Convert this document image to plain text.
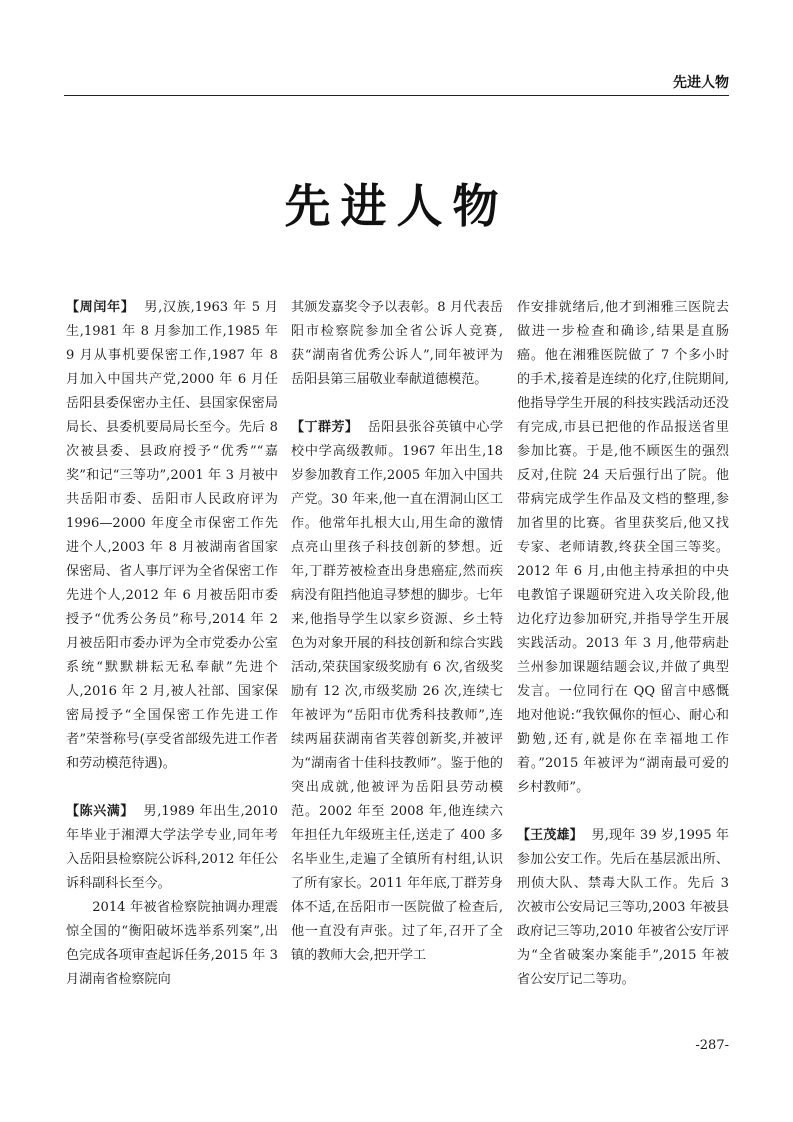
先进人物
先进人物

【周闰年】 男,汉族,1963 年 5 月生,1981 年 8 月参加工作,1985 年 9 月从事机要保密工作,1987 年 8 月加入中国共产党,2000 年 6 月任岳阳县委保密办主任、县国家保密局局长、县委机要局局长至今。先后 8 次被县委、县政府授予“优秀”“嘉奖”和记“三等功”,2001 年 3 月被中共岳阳市委、岳阳市人民政府评为 1996—2000 年度全市保密工作先进个人,2003 年 8 月被湖南省国家保密局、省人事厅评为全省保密工作先进个人,2012 年 6 月被岳阳市委授予“优秀公务员”称号,2014 年 2 月被岳阳市委办评为全市党委办公室系统“默默耕耘无私奉献”先进个人,2016 年 2 月,被人社部、国家保密局授予“全国保密工作先进工作者”荣誉称号(享受省部级先进工作者和劳动模范待遇)。

【陈兴满】 男,1989 年出生,2010 年毕业于湘潭大学法学专业,同年考入岳阳县检察院公诉科,2012 年任公诉科副科长至今。

2014 年被省检察院抽调办理震惊全国的“衡阳破坏选举系列案”,出色完成各项审查起诉任务,2015 年 3 月湖南省检察院向

其颁发嘉奖令予以表彰。8 月代表岳阳市检察院参加全省公诉人竞赛,获“湖南省优秀公诉人”,同年被评为岳阳县第三届敬业奉献道德模范。

【丁群芳】 岳阳县张谷英镇中心学校中学高级教师。1967 年出生,18 岁参加教育工作,2005 年加入中国共产党。30 年来,他一直在渭洞山区工作。他常年扎根大山,用生命的激情点亮山里孩子科技创新的梦想。近年,丁群芳被检查出身患癌症,然而疾病没有阻挡他追寻梦想的脚步。七年来,他指导学生以家乡资源、乡土特色为对象开展的科技创新和综合实践活动,荣获国家级奖励有 6 次,省级奖励有 12 次,市级奖励 26 次,连续七年被评为“岳阳市优秀科技教师”,连续两届获湖南省芙蓉创新奖,并被评为“湖南省十佳科技教师”。鉴于他的突出成就,他被评为岳阳县劳动模范。2002 年至 2008 年,他连续六年担任九年级班主任,送走了 400 多名毕业生,走遍了全镇所有村组,认识了所有家长。2011 年年底,丁群芳身体不适,在岳阳市一医院做了检查后,他一直没有声张。过了年,召开了全镇的教师大会,把开学工

作安排就绪后,他才到湘雅三医院去做进一步检查和确诊,结果是直肠癌。他在湘雅医院做了 7 个多小时的手术,接着是连续的化疗,住院期间,他指导学生开展的科技实践活动还没有完成,市县已把他的作品报送省里参加比赛。于是,他不顾医生的强烈反对,住院 24 天后强行出了院。他带病完成学生作品及文档的整理,参加省里的比赛。省里获奖后,他又找专家、老师请教,终获全国三等奖。2012 年 6 月,由他主持承担的中央电教馆子课题研究进入攻关阶段,他边化疗边参加研究,并指导学生开展实践活动。2013 年 3 月,他带病赴兰州参加课题结题会议,并做了典型发言。一位同行在 QQ 留言中感慨地对他说:“我钦佩你的恒心、耐心和勤勉,还有,就是你在幸福地工作着。”2015 年被评为“湖南最可爱的乡村教师”。

【王茂雄】 男,现年 39 岁,1995 年参加公安工作。先后在基层派出所、刑侦大队、禁毒大队工作。先后 3 次被市公安局记三等功,2003 年被县政府记三等功,2010 年被省公安厅评为“全省破案办案能手”,2015 年被省公安厅记二等功。

-287-
